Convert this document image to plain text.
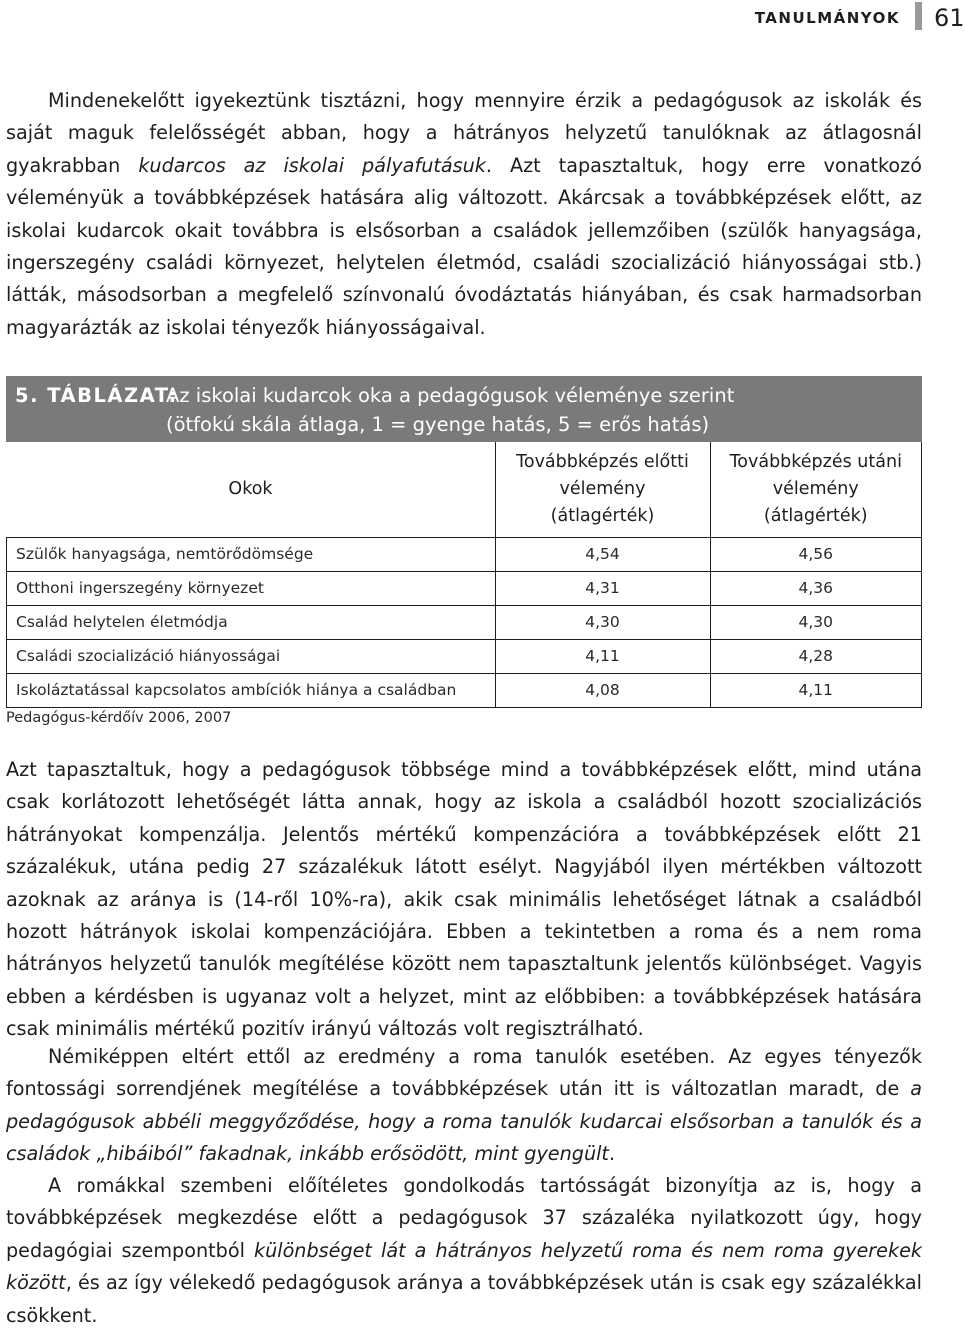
TANULMÁNYOK 61

Mindenekelőtt igyekeztünk tisztázni, hogy mennyire érzik a pedagógusok az iskolák és saját maguk felelősségét abban, hogy a hátrányos helyzetű tanulóknak az átlagosnál gyakrabban kudarcos az iskolai pályafutásuk. Azt tapasztaltuk, hogy erre vonatkozó véleményük a továbbképzések hatására alig változott. Akárcsak a továbbképzések előtt, az iskolai kudarcok okait továbbra is elsősorban a családok jellemzőiben (szülők hanyagsága, ingerszegény családi környezet, helytelen életmód, családi szocializáció hiányosságai stb.) látták, másodsorban a megfelelő színvonalú óvodáztatás hiányában, és csak harmadsorban magyarázták az iskolai tényezők hiányosságaival.

5. TÁBLÁZAT:
Az iskolai kudarcok oka a pedagógusok véleménye szerint
(ötfokú skála átlaga, 1 = gyenge hatás, 5 = erős hatás)
Okok	Továbbképzés előtti
vélemény
(átlagérték)	Továbbképzés utáni
vélemény
(átlagérték)
Szülők hanyagsága, nemtörődömsége	4,54	4,56
Otthoni ingerszegény környezet	4,31	4,36
Család helytelen életmódja	4,30	4,30
Családi szocializáció hiányosságai	4,11	4,28
Iskoláztatással kapcsolatos ambíciók hiánya a családban	4,08	4,11
Pedagógus-kérdőív 2006, 2007

Azt tapasztaltuk, hogy a pedagógusok többsége mind a továbbképzések előtt, mind utána csak korlátozott lehetőségét látta annak, hogy az iskola a családból hozott szocializációs hátrányokat kompenzálja. Jelentős mértékű kompenzációra a továbbképzések előtt 21 százalékuk, utána pedig 27 százalékuk látott esélyt. Nagyjából ilyen mértékben változott azoknak az aránya is (14-ről 10%-ra), akik csak minimális lehetőséget látnak a családból hozott hátrányok iskolai kompenzációjára. Ebben a tekintetben a roma és a nem roma hátrányos helyzetű tanulók megítélése között nem tapasztaltunk jelentős különbséget. Vagyis ebben a kérdésben is ugyanaz volt a helyzet, mint az előbbiben: a továbbképzések hatására csak minimális mértékű pozitív irányú változás volt regisztrálható.

Némiképpen eltért ettől az eredmény a roma tanulók esetében. Az egyes tényezők fontossági sorrendjének megítélése a továbbképzések után itt is változatlan maradt, de a pedagógusok abbéli meggyőződése, hogy a roma tanulók kudarcai elsősorban a tanulók és a családok „hibáiból” fakadnak, inkább erősödött, mint gyengült.

A romákkal szembeni előítéletes gondolkodás tartósságát bizonyítja az is, hogy a továbbképzések megkezdése előtt a pedagógusok 37 százaléka nyilatkozott úgy, hogy pedagógiai szempontból különbséget lát a hátrányos helyzetű roma és nem roma gyerekek között, és az így vélekedő pedagógusok aránya a továbbképzések után is csak egy százalékkal csökkent.
